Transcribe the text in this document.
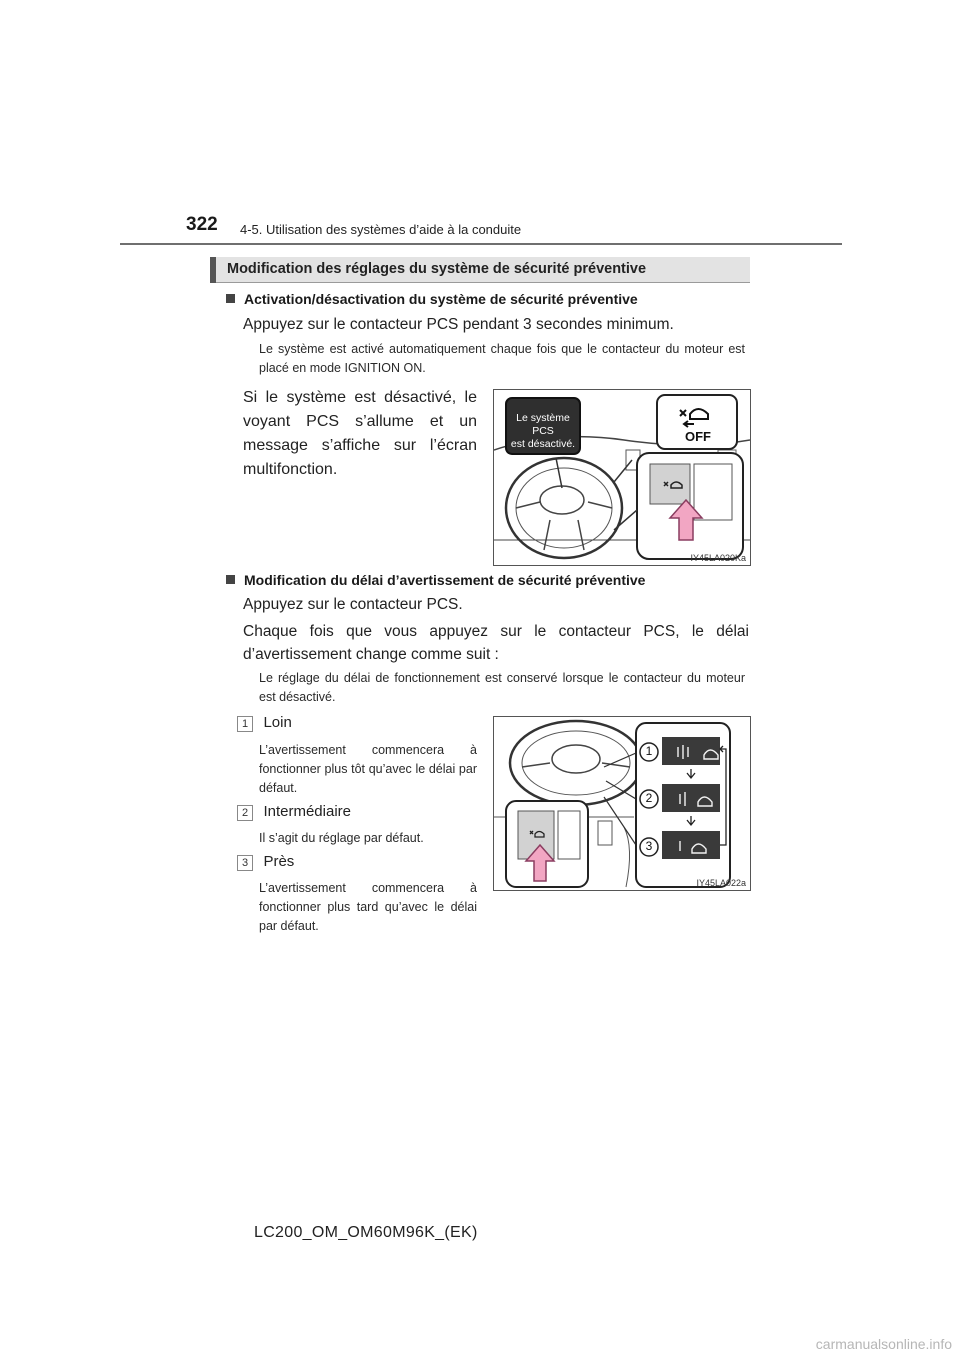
322 4-5. Utilisation des systèmes d’aide à la conduite
Modification des réglages du système de sécurité préventive
Activation/désactivation du système de sécurité préventive
Appuyez sur le contacteur PCS pendant 3 secondes minimum.
Le système est activé automatiquement chaque fois que le contacteur du moteur est placé en mode IGNITION ON.
Si le système est désactivé, le voyant PCS s’allume et un message s’affiche sur l’écran multifonction.
Le système PCS
est désactivé.	OFF
IY45LA020Ka
Modification du délai d’avertissement de sécurité préventive
Appuyez sur le contacteur PCS.
Chaque fois que vous appuyez sur le contacteur PCS, le délai d’avertissement change comme suit :
Le réglage du délai de fonctionnement est conservé lorsque le contacteur du moteur est désactivé.
1 Loin
L’avertissement commencera à fonctionner plus tôt qu’avec le délai par défaut.
2 Intermédiaire
Il s’agit du réglage par défaut.
3 Près
L’avertissement commencera à fonctionner plus tard qu’avec le délai par défaut.
1
2
3
IY45LA022a
LC200_OM_OM60M96K_(EK)
carmanualsonline.info
